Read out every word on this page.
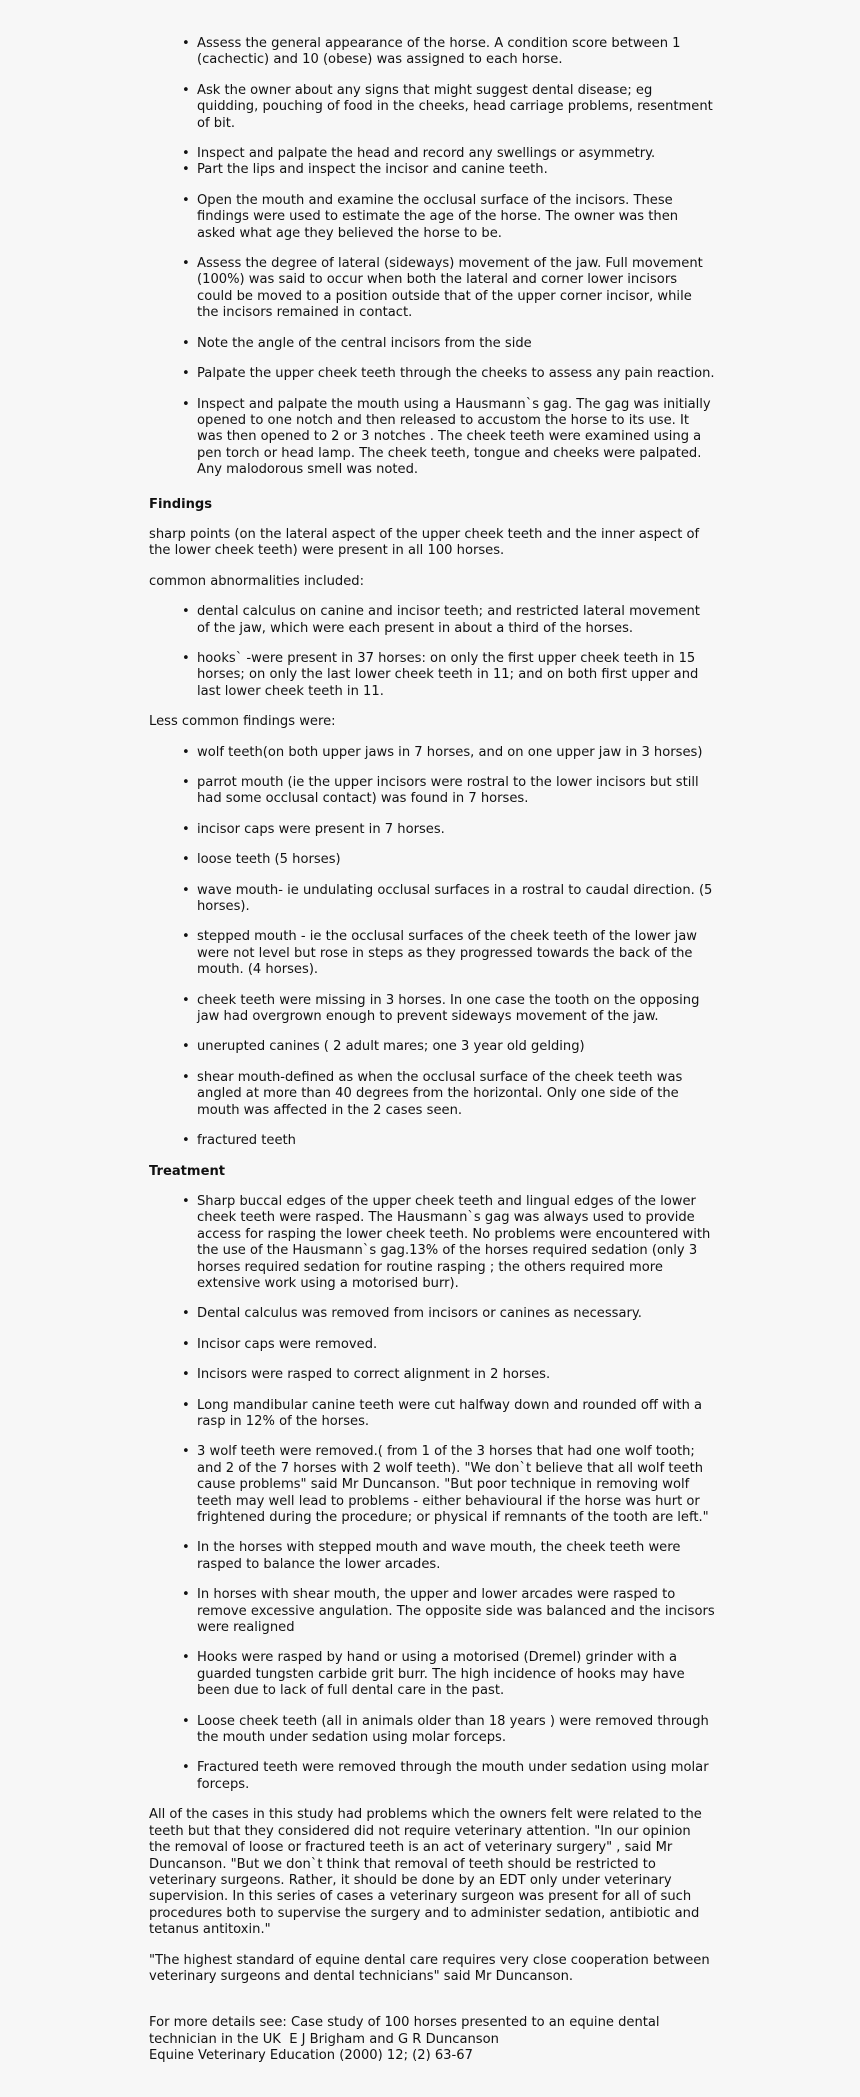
• Assess the general appearance of the horse. A condition score between 1 (cachectic) and 10 (obese) was assigned to each horse.
• Ask the owner about any signs that might suggest dental disease; eg quidding, pouching of food in the cheeks, head carriage problems, resentment of bit.
• Inspect and palpate the head and record any swellings or asymmetry.
• Part the lips and inspect the incisor and canine teeth.
• Open the mouth and examine the occlusal surface of the incisors. These findings were used to estimate the age of the horse. The owner was then asked what age they believed the horse to be.
• Assess the degree of lateral (sideways) movement of the jaw. Full movement (100%) was said to occur when both the lateral and corner lower incisors could be moved to a position outside that of the upper corner incisor, while the incisors remained in contact.
• Note the angle of the central incisors from the side
• Palpate the upper cheek teeth through the cheeks to assess any pain reaction.
• Inspect and palpate the mouth using a Hausmann`s gag. The gag was initially opened to one notch and then released to accustom the horse to its use. It was then opened to 2 or 3 notches . The cheek teeth were examined using a pen torch or head lamp. The cheek teeth, tongue and cheeks were palpated. Any malodorous smell was noted.
Findings

sharp points (on the lateral aspect of the upper cheek teeth and the inner aspect of the lower cheek teeth) were present in all 100 horses.

common abnormalities included:

• dental calculus on canine and incisor teeth; and restricted lateral movement of the jaw, which were each present in about a third of the horses.
• hooks` -were present in 37 horses: on only the first upper cheek teeth in 15 horses; on only the last lower cheek teeth in 11; and on both first upper and last lower cheek teeth in 11.

Less common findings were:

• wolf teeth(on both upper jaws in 7 horses, and on one upper jaw in 3 horses)
• parrot mouth (ie the upper incisors were rostral to the lower incisors but still had some occlusal contact) was found in 7 horses.
• incisor caps were present in 7 horses.
• loose teeth (5 horses)
• wave mouth- ie undulating occlusal surfaces in a rostral to caudal direction. (5 horses).
• stepped mouth - ie the occlusal surfaces of the cheek teeth of the lower jaw were not level but rose in steps as they progressed towards the back of the mouth. (4 horses).
• cheek teeth were missing in 3 horses. In one case the tooth on the opposing jaw had overgrown enough to prevent sideways movement of the jaw.
• unerupted canines ( 2 adult mares; one 3 year old gelding)
• shear mouth-defined as when the occlusal surface of the cheek teeth was angled at more than 40 degrees from the horizontal. Only one side of the mouth was affected in the 2 cases seen.
• fractured teeth
Treatment
• Sharp buccal edges of the upper cheek teeth and lingual edges of the lower cheek teeth were rasped. The Hausmann`s gag was always used to provide access for rasping the lower cheek teeth. No problems were encountered with the use of the Hausmann`s gag.13% of the horses required sedation (only 3 horses required sedation for routine rasping ; the others required more extensive work using a motorised burr).
• Dental calculus was removed from incisors or canines as necessary.
• Incisor caps were removed.
• Incisors were rasped to correct alignment in 2 horses.
• Long mandibular canine teeth were cut halfway down and rounded off with a rasp in 12% of the horses.
• 3 wolf teeth were removed.( from 1 of the 3 horses that had one wolf tooth; and 2 of the 7 horses with 2 wolf teeth). "We don`t believe that all wolf teeth cause problems" said Mr Duncanson. "But poor technique in removing wolf teeth may well lead to problems - either behavioural if the horse was hurt or frightened during the procedure; or physical if remnants of the tooth are left."
• In the horses with stepped mouth and wave mouth, the cheek teeth were rasped to balance the lower arcades.
• In horses with shear mouth, the upper and lower arcades were rasped to remove excessive angulation. The opposite side was balanced and the incisors were realigned
• Hooks were rasped by hand or using a motorised (Dremel) grinder with a guarded tungsten carbide grit burr. The high incidence of hooks may have been due to lack of full dental care in the past.
• Loose cheek teeth (all in animals older than 18 years ) were removed through the mouth under sedation using molar forceps.
• Fractured teeth were removed through the mouth under sedation using molar forceps.

All of the cases in this study had problems which the owners felt were related to the teeth but that they considered did not require veterinary attention. "In our opinion the removal of loose or fractured teeth is an act of veterinary surgery" , said Mr Duncanson. "But we don`t think that removal of teeth should be restricted to veterinary surgeons. Rather, it should be done by an EDT only under veterinary supervision. In this series of cases a veterinary surgeon was present for all of such procedures both to supervise the surgery and to administer sedation, antibiotic and tetanus antitoxin."

"The highest standard of equine dental care requires very close cooperation between veterinary surgeons and dental technicians" said Mr Duncanson.

For more details see: Case study of 100 horses presented to an equine dental technician in the UK  E J Brigham and G R Duncanson
Equine Veterinary Education (2000) 12; (2) 63-67
